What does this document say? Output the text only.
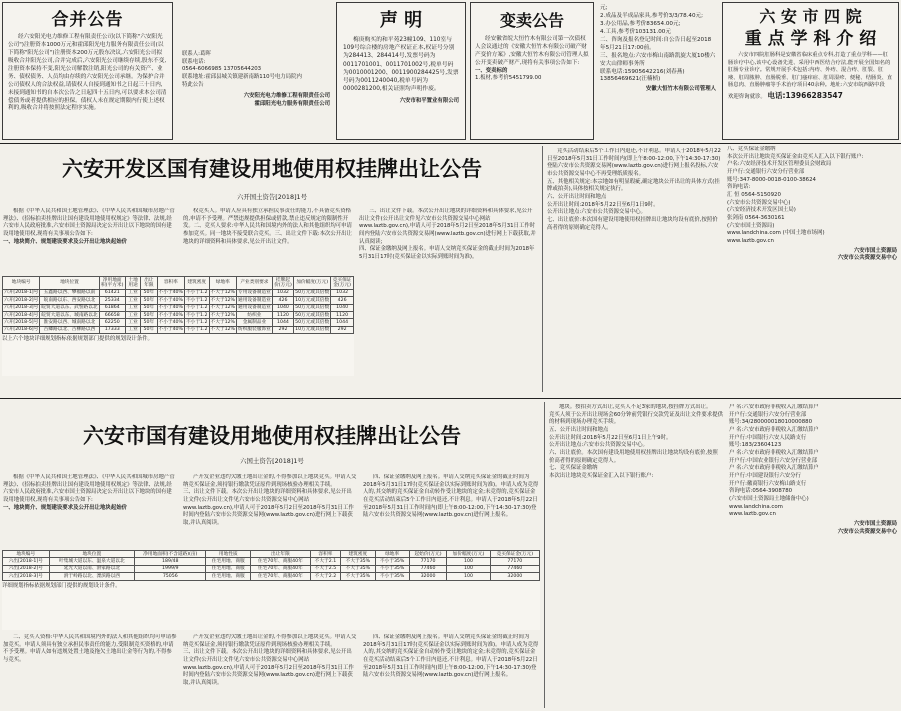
合并公告

经六安阳光电力维修工程有限责任公司(以下简称"六安阳光公司")注册资本1000万元和霍邱阳光电力服务有限责任公司(以下简称"阳光公司")注册资本200万元股东决议,六安阳光公司拟吸收合并阳光公司,合并完成后,六安阳光公司继续存续,股东不变,注册资本保持不变,阳光公司解散注销,阳光公司的有关资产、业务、债权债务、人员均由存续的六安阳光公司承继。为保护合并公司债权人的合法权益,请债权人自接到通知书之日起三十日内,未接到通知书的自本次公告之日起四十五日内,可以要求本公司清偿债务或者提供相应的担保。债权人未在规定期限内行使上述权利的,吸收合并将按照法定程序实施。

联系人:葛晖

联系电话:

0564-6066985 13705644203

联系地址:霍邱县城关镇建新南路110号电力局院内

特此公告

六安阳光电力维修工程有限责任公司

霍邱阳光电力服务有限责任公司

声 明

梅庚购买的和平苑23幢109、110室与109号综合楼的房地产权证正本,权证号分别为284413、284414号,发票号码为0011701001、0011701002号,税单号码为0010001200、0011900284425号,发票号码为0011240040,税单号码为0000281200,相关证照均声明作废。

六安市和平置业有限公司

变卖公告

经安徽省皖大恒竹木有限公司第一次债权人会议通过的《安徽大恒竹木有限公司破产财产变价方案》,安徽大恒竹木有限公司管理人拟公开变卖破产财产,现将有关事项公告如下:

一、变卖标的

1.板材,参考价5451799.00

元;
2.成品及半成品家具,参考价3/3/78.40元;
3.办公用品,参考价83654.00元;
4.工具,参考价103131.00元
二、咨询及报名登记时间:自公告日起至2018年5月21日17:00前。
三、报名地点:六安市梅山南路凯旋大厦10楼六安大山律师事务所
联系电话:15905642216(刘春燕) 13856469621(汪楠桢)

安徽大恒竹木有限公司管理人

六 安 市 四 院
重 点 学 科 介 绍

六安市四院肛肠科是安徽省临床重点专科,打造了重点学科——肛肠诊疗中心,该中心设备先进、采用中西医结合疗法,能开展全国知名的肛肠专业诊疗。常规开展手术包括:内痔、外痔、混合痔、肛裂、肛瘘、肛周脓肿、直肠脱垂、肛门瘙痒症、肛周湿疹、便秘、结肠炎、直肠息肉、直肠肿瘤等手术治疗项目40余种。地址:六安市皖西路中段

欢迎咨询就诊。 电话:13966283547

六安开发区国有建设用地使用权挂牌出让公告
六开国土资告[2018]1号

根据《中华人民共和国土地管理法》、《中华人民共和国城市房地产管理法》、《招标拍卖挂牌出让国有建设用地使用权规定》等法律、法规,经六安市人民政府批准,六安市国土资源局决定公开出让以下地块的国有建设用地使用权,现将有关事项公告如下:

一、地块简介、规划建设要求及公开出让地块起始价

权竞买人。申请人应具有独立承担民事责任的能力,不具备竞买资格的,申请不予受理。严禁违规提供担保或借款,禁止违反规定的限制性开发。二、竞买人要求:中华人民共和国境内外的法人和其他组织均可申请参加竞买。同一地块不接受联合竞买。三、出让文件下载:本次公开出让地块的详细资料和具体要求,见公开出让文件。

三、出让文件下载。本次公开出让地块的详细资料和具体要求,见公开出让文件(公开出让文件见六安市公共资源交易中心网站www.laztb.gov.cn),申请人可于2018年5月2日至2018年5月31日工作时间内登陆六安市公共资源交易网(www.laztb.gov.cn)进行网上下载获取,并认真阅读;
四、保证金缴纳及网上报名。申请人交纳竞买保证金的截止时间为2018年5月31日17时(竞买保证金以实际到账时间为准)。

地块编号	地块位置	净用地面积(平方米)	土地用途	出让年限	容积率	建筑密度	绿地率	产业类别要求	挂牌起价(万元)	加价幅度(万元)	竞买保证金(万元)
六开[2018-1]号	五鑫路以西、攀福路以南	61421	工业	50年	不小于40%	不小于1.2	不大于12%	专用设备制造业	1032	50万元或其倍数	1032
六开[2018-2]号	皖南路以东、西安路以北	25334	工业	50年	不小于40%	不小于1.2	不大于12%	通用设备制造业	426	10万元或其倍数	426
六开[2018-3]号	皖贸大道以东、武警路以北	61864	工业	50年	不小于40%	不小于1.2	不大于12%	通用设备制造业	1040	50万元或其倍数	1040
六开[2018-4]号	皖贸大道以东、城南路以北	66658	工业	50年	不小于40%	不小于1.2	不大于12%	纺织业	1120	50万元或其倍数	1120
六开[2018-5]号	淮安路以西、城南路以北	62250	工业	50年	不小于40%	不小于1.2	不大于12%	金属制品业	1044	50万元或其倍数	1044
六开[2018-6]号	古卿路以北、古柳路以西	17333	工业	50年	不小于40%	不小于1.2	不大于12%	纺织服装服饰业	292	10万元或其倍数	292

以上六个地块详细规划指标依据规划部门提供的规划设计条件。

竞买活动结束后5个工作日内退还,不计利息。申请人于2018年5月22日至2018年5月31日工作时间内(即上午8:00-12:00,下午14:30-17:30)登陆六安市公共资源交易网(www.laztb.gov.cn)进行网上报名投标,六安市公共资源交易中心不再受理纸质报名。
五、其他相关规定:本宗地如有明显瑕疵,确定地块公开出让的具体方式(挂牌或拍卖),具体按相关规定执行。
六、公开出让时间和地点
公开出让时间:2018年5月22日至6月1日9时。
公开出让地点:六安市公共资源交易中心。
七、出让底价:本次国有建设用地使用权挂牌出让地块均设有底价,按照价高者得的原则确定竞得人。

八、竞买保证金缴纳
本次公开出让地块竞买保证金由竞买人汇入以下银行账户:
户名:六安经济技术开发区管理委员会财政局
开户行:交通银行六安分行营业部
账号:347-8000-0018-0100-38624
咨询电话:
汇 恒 0564-5150920
(六安市公共资源交易中心)
(六安经济技术开发区国土局)
张剑南 0564-3630161
(六安市国土资源局)
www.landchina.com (中国土地市场网)
www.laztb.gov.cn

六安市国土资源局

六安市公共资源交易中心

六安市国有建设用地使用权挂牌出让公告
六国土资告[2018]1号

根据《中华人民共和国土地管理法》、《中华人民共和国城市房地产管理法》、《招标拍卖挂牌出让国有建设用地使用权规定》等法律、法规,经六安市人民政府批准,六安市国土资源局决定公开出让以下地块的国有建设用地使用权,现将有关事项公告如下:

一、地块简介、规划建设要求及公开出让地块起始价

产开发企业违约欠缴土地出让金的,不得参加以上地块竞买。申请人交纳竞买保证金,须持银行缴款凭证原件到现场核验办理相关手续。
三、出让文件下载。本次公开出让地块的详细资料和具体要求,见公开出让文件(公开出让文件见六安市公共资源交易中心网站www.laztb.gov.cn),申请人可于2018年5月2日至2018年5月31日工作时间内登陆六安市公共资源交易网(www.laztb.gov.cn)进行网上下载获取,并认真阅读。

四、保证金缴纳及网上报名。申请人交纳竞买保证金的截止时间为2018年5月31日17时(竞买保证金以实际到账时间为准)。申请人成为竞得人的,其交纳的竞买保证金自动转作受让地块的定金;未竞得的,竞买保证金在竞买活动结束后5个工作日内退还,不计利息。申请人于2018年5月22日至2018年5月31日工作时间内(即上午8:00-12:00,下午14:30-17:30)登陆六安市公共资源交易网(www.laztb.gov.cn)进行网上报名。

地块编号	地块位置	净用地面积(不含道路)(亩)	用地性质	出让年限	容积率	建筑密度	绿地率	起始价(万元)	加价幅度(万元)	竞买保证金(万元)
六出[2018-1]号	叶集城大道以东、温泉大道以北	189/48	住宅用地、商服	住宅70年、商服40年	不大于2.1	不大于35%	不小于35%	77170	100	77170
六出[2018-2]号	延光大道以南、滑家路以北	1999/9	住宅用地、商服	住宅70年、商服40年	不大于2.5	不大于35%	不小于35%	77460	100	77460
六出[2018-3]号	滑于岭路以北、溧滨路以西	75056	住宅用地、商服	住宅70年、商服40年	不大于2.2	不大于35%	不小于35%	32000	100	32000

详细规划指标依据规划部门提供的规划设计条件。

二、竞买人资格:中华人民共和国境内外的法人和其他组织均可申请参加竞买。申请人须具有独立承担民事责任的能力,受限制竞买资格的,申请不予受理。申请人如有违规处置土地及拖欠土地出让金等行为的,不得参与竞买。

产开发企业违约欠缴土地出让金的,不得参加以上地块竞买。申请人交纳竞买保证金,须持银行缴款凭证原件到现场核验办理相关手续。
三、出让文件下载。本次公开出让地块的详细资料和具体要求,见公开出让文件(公开出让文件见六安市公共资源交易中心网站www.laztb.gov.cn),申请人可于2018年5月2日至2018年5月31日工作时间内登陆六安市公共资源交易网(www.laztb.gov.cn)进行网上下载获取,并认真阅读。

四、保证金缴纳及网上报名。申请人交纳竞买保证金的截止时间为2018年5月31日17时(竞买保证金以实际到账时间为准)。申请人成为竞得人的,其交纳的竞买保证金自动转作受让地块的定金;未竞得的,竞买保证金在竞买活动结束后5个工作日内退还,不计利息。申请人于2018年5月22日至2018年5月31日工作时间内(即上午8:00-12:00,下午14:30-17:30)登陆六安市公共资源交易网(www.laztb.gov.cn)进行网上报名。

地块。按拍卖方式出让,竞买人不足3家的地块,按挂牌方式出让。
竞买人须于公开出让现场会60分钟前凭银行交款凭证及出让文件要求提供的材料到现场办理竞买手续。
五、公开出让时间和地点
公开出让时间:2018年5月22日至6月1日上午9时。
公开出让地点:六安市公共资源交易中心。
六、出让底价。本次国有建设用地使用权挂牌出让地块均设有底价,按照价高者得的原则确定竞得人。
七、竞买保证金缴纳
本次出让地块竞买保证金汇入以下银行账户:

户 名:六安市政府非税收入汇缴结算户
开户行:交通银行六安分行营业部
账号:34/280000018010000880
户 名:六安市政府非税收入汇缴结算户
开户行:中国银行六安人民路支行
账号:183/23604123
户 名:六安市政府非税收入汇缴结算户
开户行:中国农业银行六安分行营业部
户 名:六安市政府非税收入汇缴结算户
开户行:中国建设银行六安分行
开户行:徽商银行六安梅山路支行
咨询电话:0564-3908780
(六安市国土资源局土地储备中心)
www.landchina.com
www.laztb.gov.cn

六安市国土资源局

六安市公共资源交易中心
